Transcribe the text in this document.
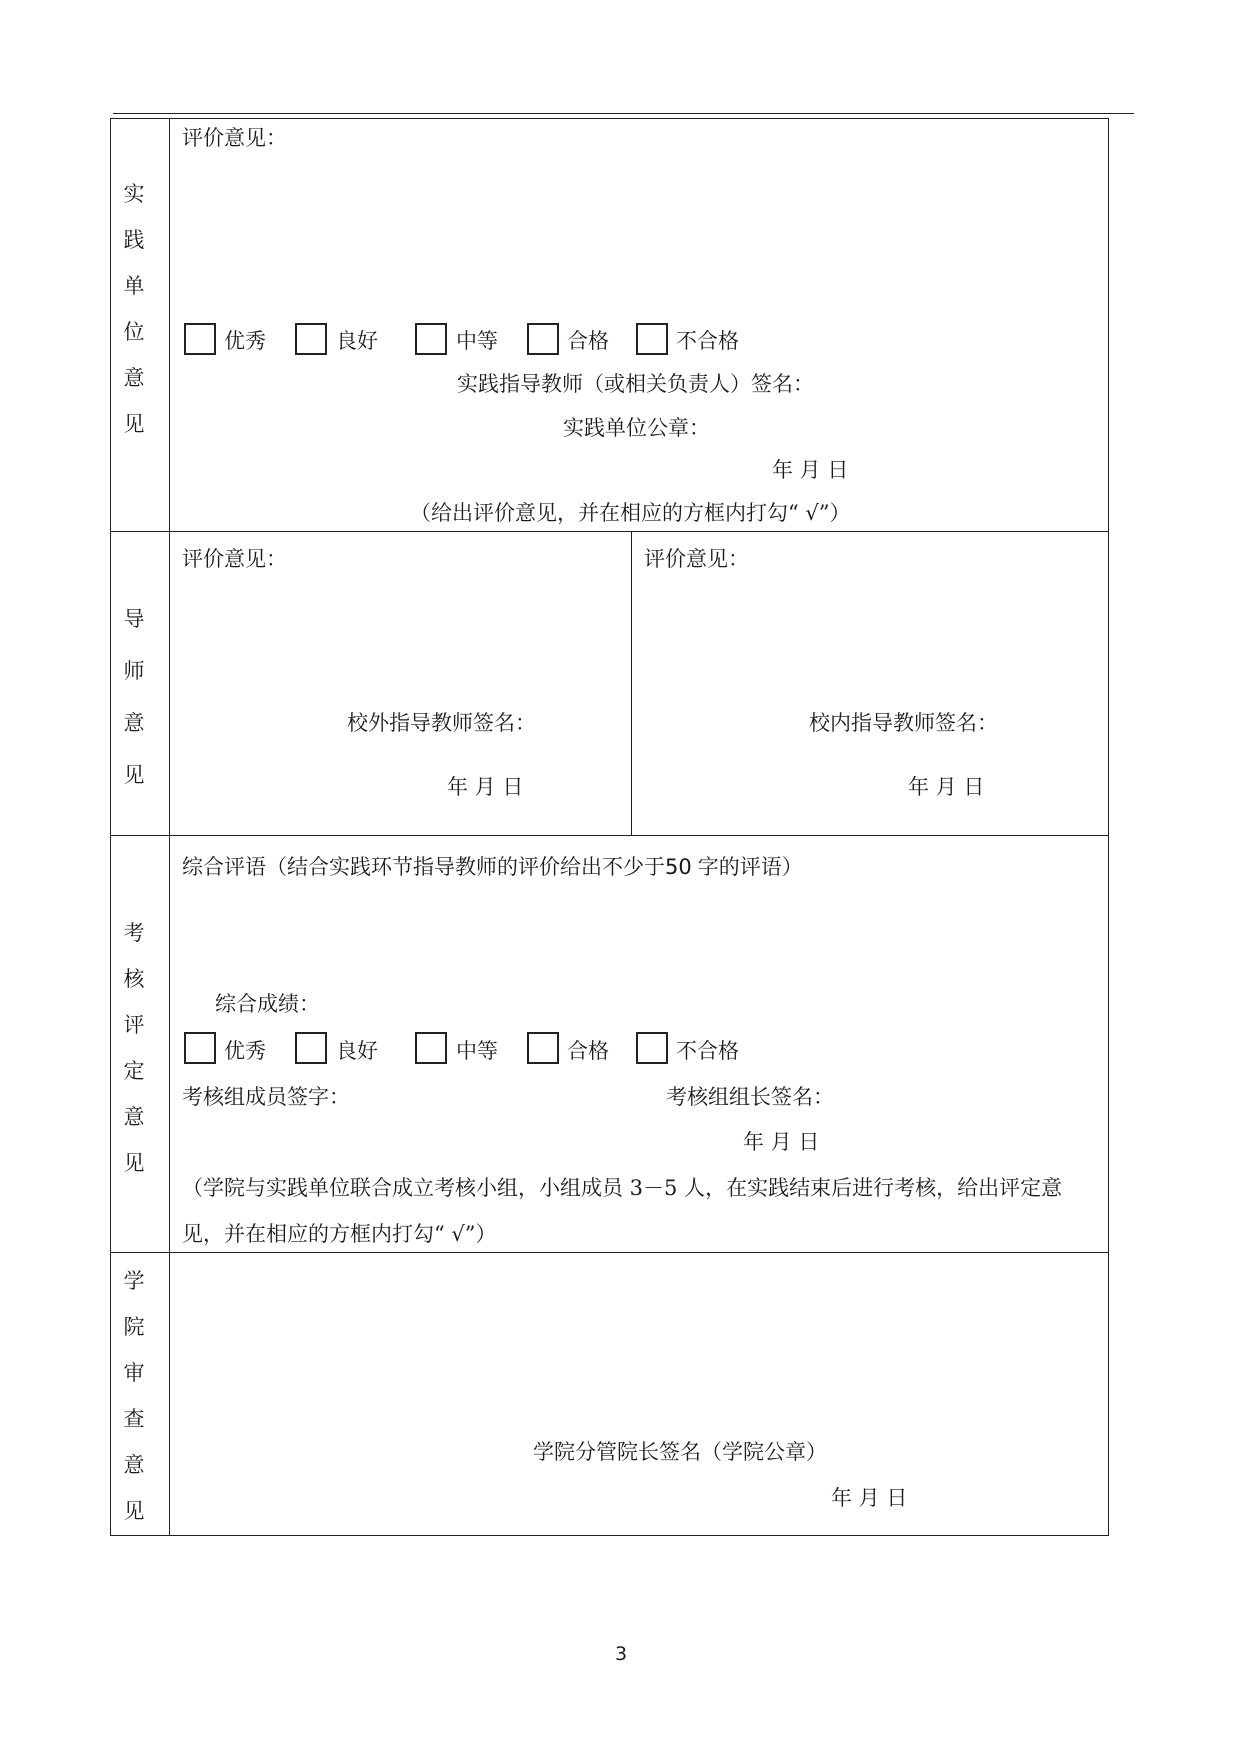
实
践
单
位
意
见
评价意见：
优秀	良好	中等	合格	不合格
实践指导教师（或相关负责人）签名：
实践单位公章：
年 月 日
（给出评价意见，并在相应的方框内打勾“ √”）
导
师
意
见
评价意见：
校外指导教师签名：
年 月 日
评价意见：
校内指导教师签名：
年 月 日
考
核
评
定
意
见
综合评语（结合实践环节指导教师的评价给出不少于50 字的评语）
综合成绩：
优秀	良好	中等	合格	不合格
考核组成员签字：	考核组组长签名：
年 月 日
（学院与实践单位联合成立考核小组，小组成员 3－5 人，在实践结束后进行考核，给出评定意
见，并在相应的方框内打勾“ √”）
学
院
审
查
意
见
学院分管院长签名（学院公章）
年 月 日
3
